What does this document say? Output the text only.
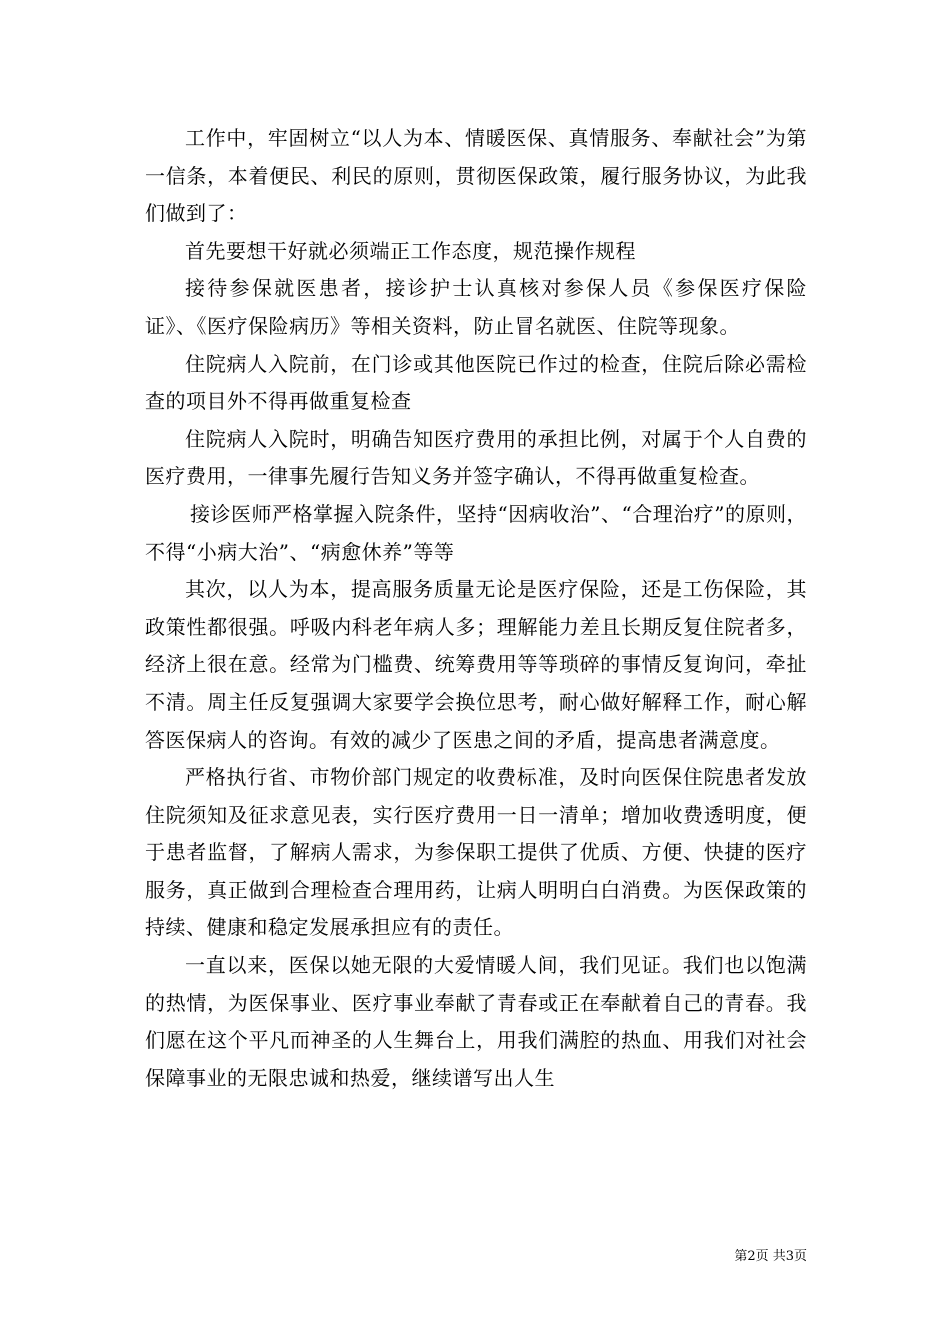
工作中，牢固树立“以人为本、情暖医保、真情服务、奉献社会”为第一信条，本着便民、利民的原则，贯彻医保政策，履行服务协议，为此我们做到了：

首先要想干好就必须端正工作态度，规范操作规程

接待参保就医患者，接诊护士认真核对参保人员《参保医疗保险证》、《医疗保险病历》等相关资料，防止冒名就医、住院等现象。

住院病人入院前，在门诊或其他医院已作过的检查，住院后除必需检查的项目外不得再做重复检查

住院病人入院时，明确告知医疗费用的承担比例，对属于个人自费的医疗费用，一律事先履行告知义务并签字确认，不得再做重复检查。

接诊医师严格掌握入院条件，坚持“因病收治”、“合理治疗”的原则，不得“小病大治”、“病愈休养”等等

其次，以人为本，提高服务质量无论是医疗保险，还是工伤保险，其政策性都很强。呼吸内科老年病人多；理解能力差且长期反复住院者多，经济上很在意。经常为门槛费、统筹费用等等琐碎的事情反复询问，牵扯不清。周主任反复强调大家要学会换位思考，耐心做好解释工作，耐心解答医保病人的咨询。有效的减少了医患之间的矛盾，提高患者满意度。

严格执行省、市物价部门规定的收费标准，及时向医保住院患者发放住院须知及征求意见表，实行医疗费用一日一清单；增加收费透明度，便于患者监督，了解病人需求，为参保职工提供了优质、方便、快捷的医疗服务，真正做到合理检查合理用药，让病人明明白白消费。为医保政策的持续、健康和稳定发展承担应有的责任。

一直以来，医保以她无限的大爱情暖人间，我们见证。我们也以饱满的热情，为医保事业、医疗事业奉献了青春或正在奉献着自己的青春。我们愿在这个平凡而神圣的人生舞台上，用我们满腔的热血、用我们对社会保障事业的无限忠诚和热爱，继续谱写出人生

第2页 共3页
